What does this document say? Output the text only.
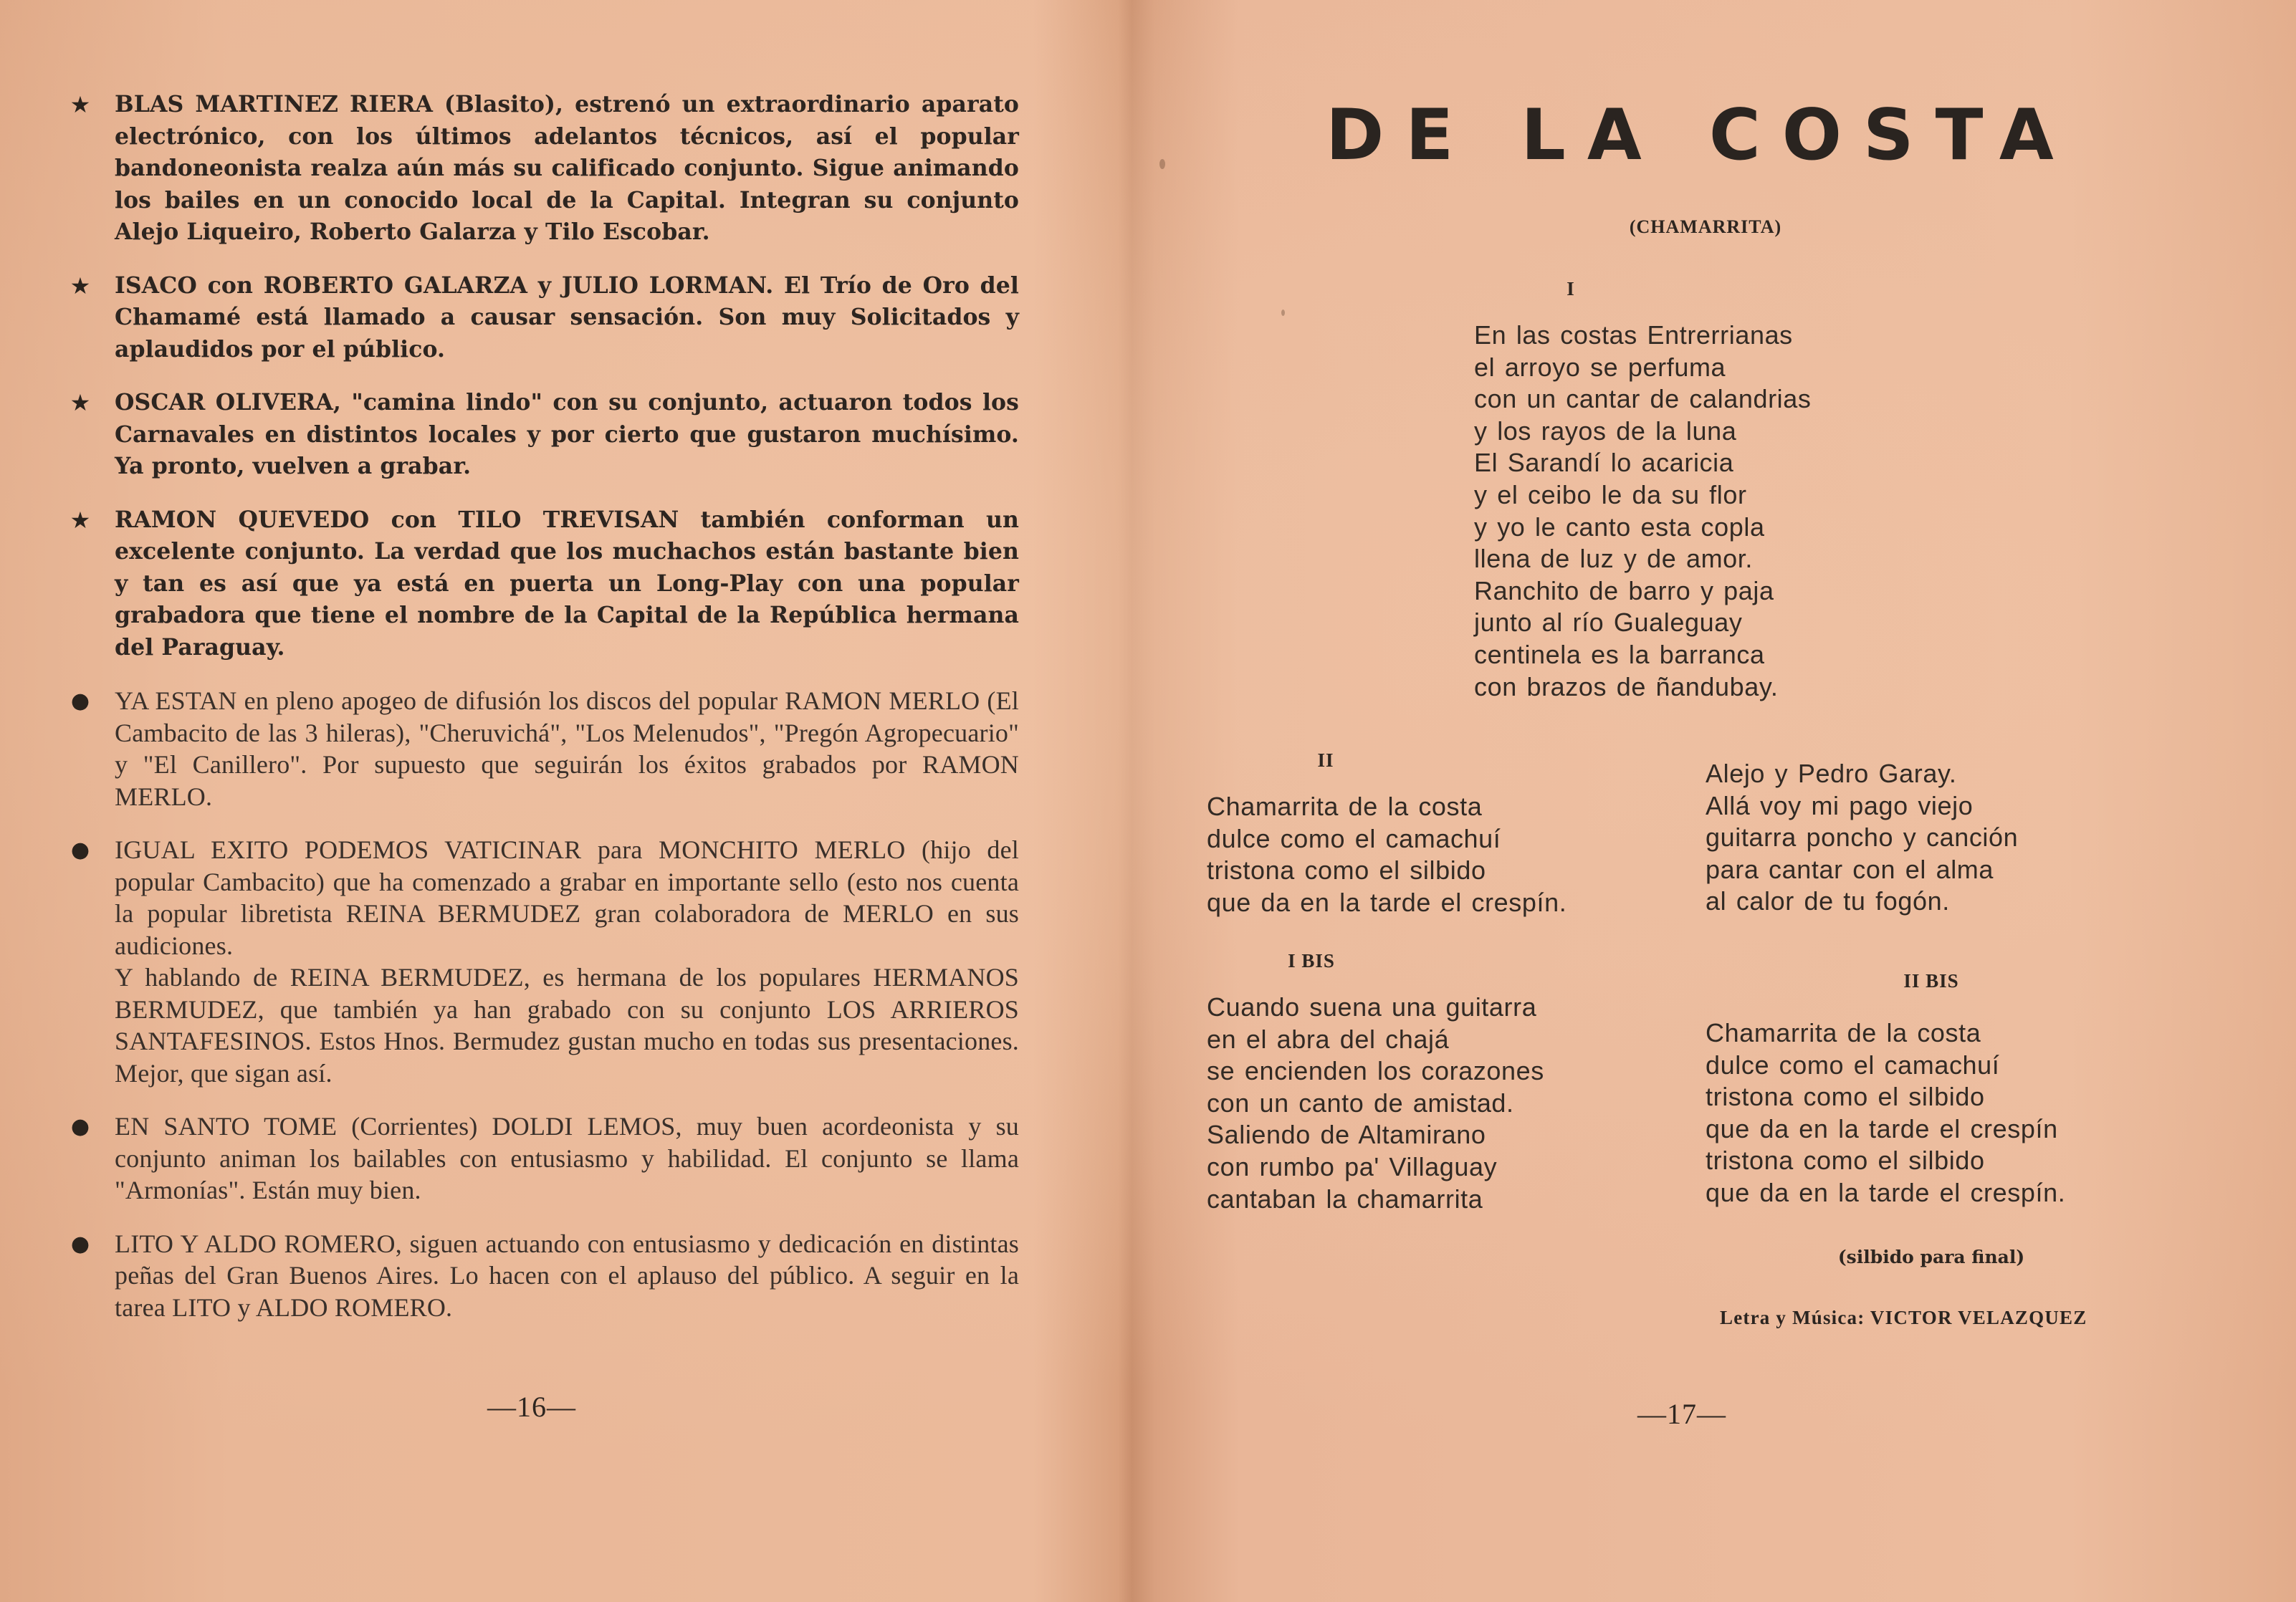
★ BLAS MARTINEZ RIERA (Blasito), estrenó un extraordinario aparato electrónico, con los últimos adelantos técnicos, así el popular bandoneonista realza aún más su calificado conjunto. Sigue animando los bailes en un conocido local de la Capital. Integran su conjunto Alejo Liqueiro, Roberto Galarza y Tilo Escobar.
★ ISACO con ROBERTO GALARZA y JULIO LORMAN. El Trío de Oro del Chamamé está llamado a causar sensación. Son muy Solicitados y aplaudidos por el público.
★ OSCAR OLIVERA, "camina lindo" con su conjunto, actuaron todos los Carnavales en distintos locales y por cierto que gustaron muchísimo. Ya pronto, vuelven a grabar.
★ RAMON QUEVEDO con TILO TREVISAN también conforman un excelente conjunto. La verdad que los muchachos están bastante bien y tan es así que ya está en puerta un Long-Play con una popular grabadora que tiene el nombre de la Capital de la República hermana del Paraguay.
● YA ESTAN en pleno apogeo de difusión los discos del popular RAMON MERLO (El Cambacito de las 3 hileras), "Cheruvichá", "Los Melenudos", "Pregón Agropecuario" y "El Canillero". Por supuesto que seguirán los éxitos grabados por RAMON MERLO.
● IGUAL EXITO PODEMOS VATICINAR para MONCHITO MERLO (hijo del popular Cambacito) que ha comenzado a grabar en importante sello (esto nos cuenta la popular libretista REINA BERMUDEZ gran colaboradora de MERLO en sus audiciones.
Y hablando de REINA BERMUDEZ, es hermana de los populares HERMANOS BERMUDEZ, que también ya han grabado con su conjunto LOS ARRIEROS SANTAFESINOS. Estos Hnos. Bermudez gustan mucho en todas sus presentaciones. Mejor, que sigan así.
● EN SANTO TOME (Corrientes) DOLDI LEMOS, muy buen acordeonista y su conjunto animan los bailables con entusiasmo y habilidad. El conjunto se llama "Armonías". Están muy bien.
● LITO Y ALDO ROMERO, siguen actuando con entusiasmo y dedicación en distintas peñas del Gran Buenos Aires. Lo hacen con el aplauso del público. A seguir en la tarea LITO y ALDO ROMERO.
—16—
DE LA COSTA
(CHAMARRITA)
I
En las costas Entrerrianas
el arroyo se perfuma
con un cantar de calandrias
y los rayos de la luna
El Sarandí lo acaricia
y el ceibo le da su flor
y yo le canto esta copla
llena de luz y de amor.
Ranchito de barro y paja
junto al río Gualeguay
centinela es la barranca
con brazos de ñandubay.
II
Chamarrita de la costa
dulce como el camachuí
tristona como el silbido
que da en la tarde el crespín.
I BIS
Cuando suena una guitarra
en el abra del chajá
se encienden los corazones
con un canto de amistad.
Saliendo de Altamirano
con rumbo pa' Villaguay
cantaban la chamarrita
Alejo y Pedro Garay.
Allá voy mi pago viejo
guitarra poncho y canción
para cantar con el alma
al calor de tu fogón.
II BIS
Chamarrita de la costa
dulce como el camachuí
tristona como el silbido
que da en la tarde el crespín
tristona como el silbido
que da en la tarde el crespín.
(silbido para final)
Letra y Música: VICTOR VELAZQUEZ
—17—
